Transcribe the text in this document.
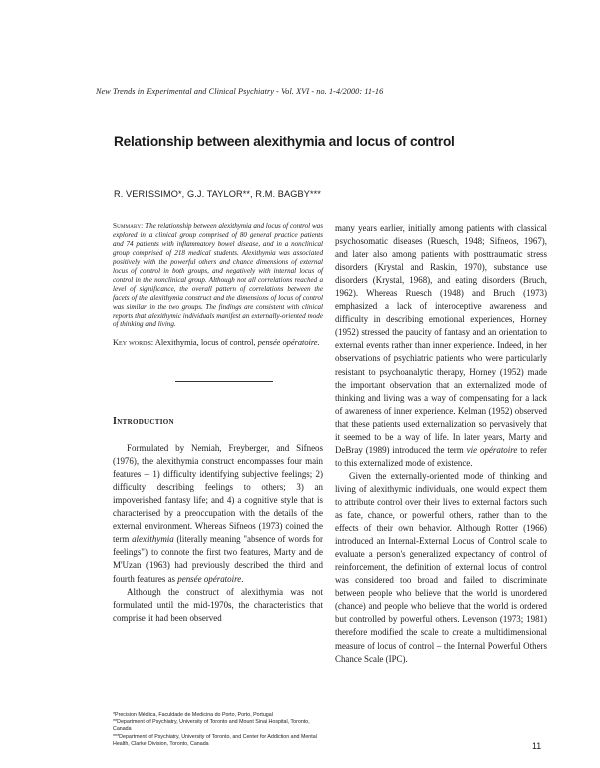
New Trends in Experimental and Clinical Psychiatry - Vol. XVI - no. 1-4/2000: 11-16
Relationship between alexithymia and locus of control
R. VERISSIMO*, G.J. TAYLOR**, R.M. BAGBY***

Summary: The relationship between alexithymia and locus of control was explored in a clinical group comprised of 80 general practice patients and 74 patients with inflammatory bowel disease, and in a nonclinical group comprised of 218 medical students. Alexithymia was associated positively with the powerful others and chance dimensions of external locus of control in both groups, and negatively with internal locus of control in the nonclinical group. Although not all correlations reached a level of significance, the overall pattern of correlations between the facets of the alexithymia construct and the dimensions of locus of control was similar in the two groups. The findings are consistent with clinical reports that alexithymic individuals manifest an externally-oriented mode of thinking and living.

Key words: Alexithymia, locus of control, pensée opératoire.

Introduction

Formulated by Nemiah, Freyberger, and Sifneos (1976), the alexithymia construct encompasses four main features – 1) difficulty identifying subjective feelings; 2) difficulty describing feelings to others; 3) an impoverished fantasy life; and 4) a cognitive style that is characterised by a preoccupation with the details of the external environment. Whereas Sifneos (1973) coined the term alexithymia (literally meaning "absence of words for feelings") to connote the first two features, Marty and de M'Uzan (1963) had previously described the third and fourth features as pensée opératoire.

Although the construct of alexithymia was not formulated until the mid-1970s, the characteristics that comprise it had been observed

many years earlier, initially among patients with classical psychosomatic diseases (Ruesch, 1948; Sifneos, 1967), and later also among patients with posttraumatic stress disorders (Krystal and Raskin, 1970), substance use disorders (Krystal, 1968), and eating disorders (Bruch, 1962). Whereas Ruesch (1948) and Bruch (1973) emphasized a lack of interoceptive awareness and difficulty in describing emotional experiences, Horney (1952) stressed the paucity of fantasy and an orientation to external events rather than inner experience. Indeed, in her observations of psychiatric patients who were particularly resistant to psychoanalytic therapy, Horney (1952) made the important observation that an externalized mode of thinking and living was a way of compensating for a lack of awareness of inner experience. Kelman (1952) observed that these patients used externalization so pervasively that it seemed to be a way of life. In later years, Marty and DeBray (1989) introduced the term vie opératoire to refer to this externalized mode of existence.

Given the externally-oriented mode of thinking and living of alexithymic individuals, one would expect them to attribute control over their lives to external factors such as fate, chance, or powerful others, rather than to the effects of their own behavior. Although Rotter (1966) introduced an Internal-External Locus of Control scale to evaluate a person's generalized expectancy of control of reinforcement, the definition of external locus of control was considered too broad and failed to discriminate between people who believe that the world is unordered (chance) and people who believe that the world is ordered but controlled by powerful others. Levenson (1973; 1981) therefore modified the scale to create a multidimensional measure of locus of control – the Internal Powerful Others Chance Scale (IPC).

*Precision Médica, Faculdade de Medicina do Porto, Porto, Portugal

**Department of Psychiatry, University of Toronto and Mount Sinai Hospital, Toronto, Canada

***Department of Psychiatry, University of Toronto, and Center for Addiction and Mental Health, Clarke Division, Toronto, Canada	11
